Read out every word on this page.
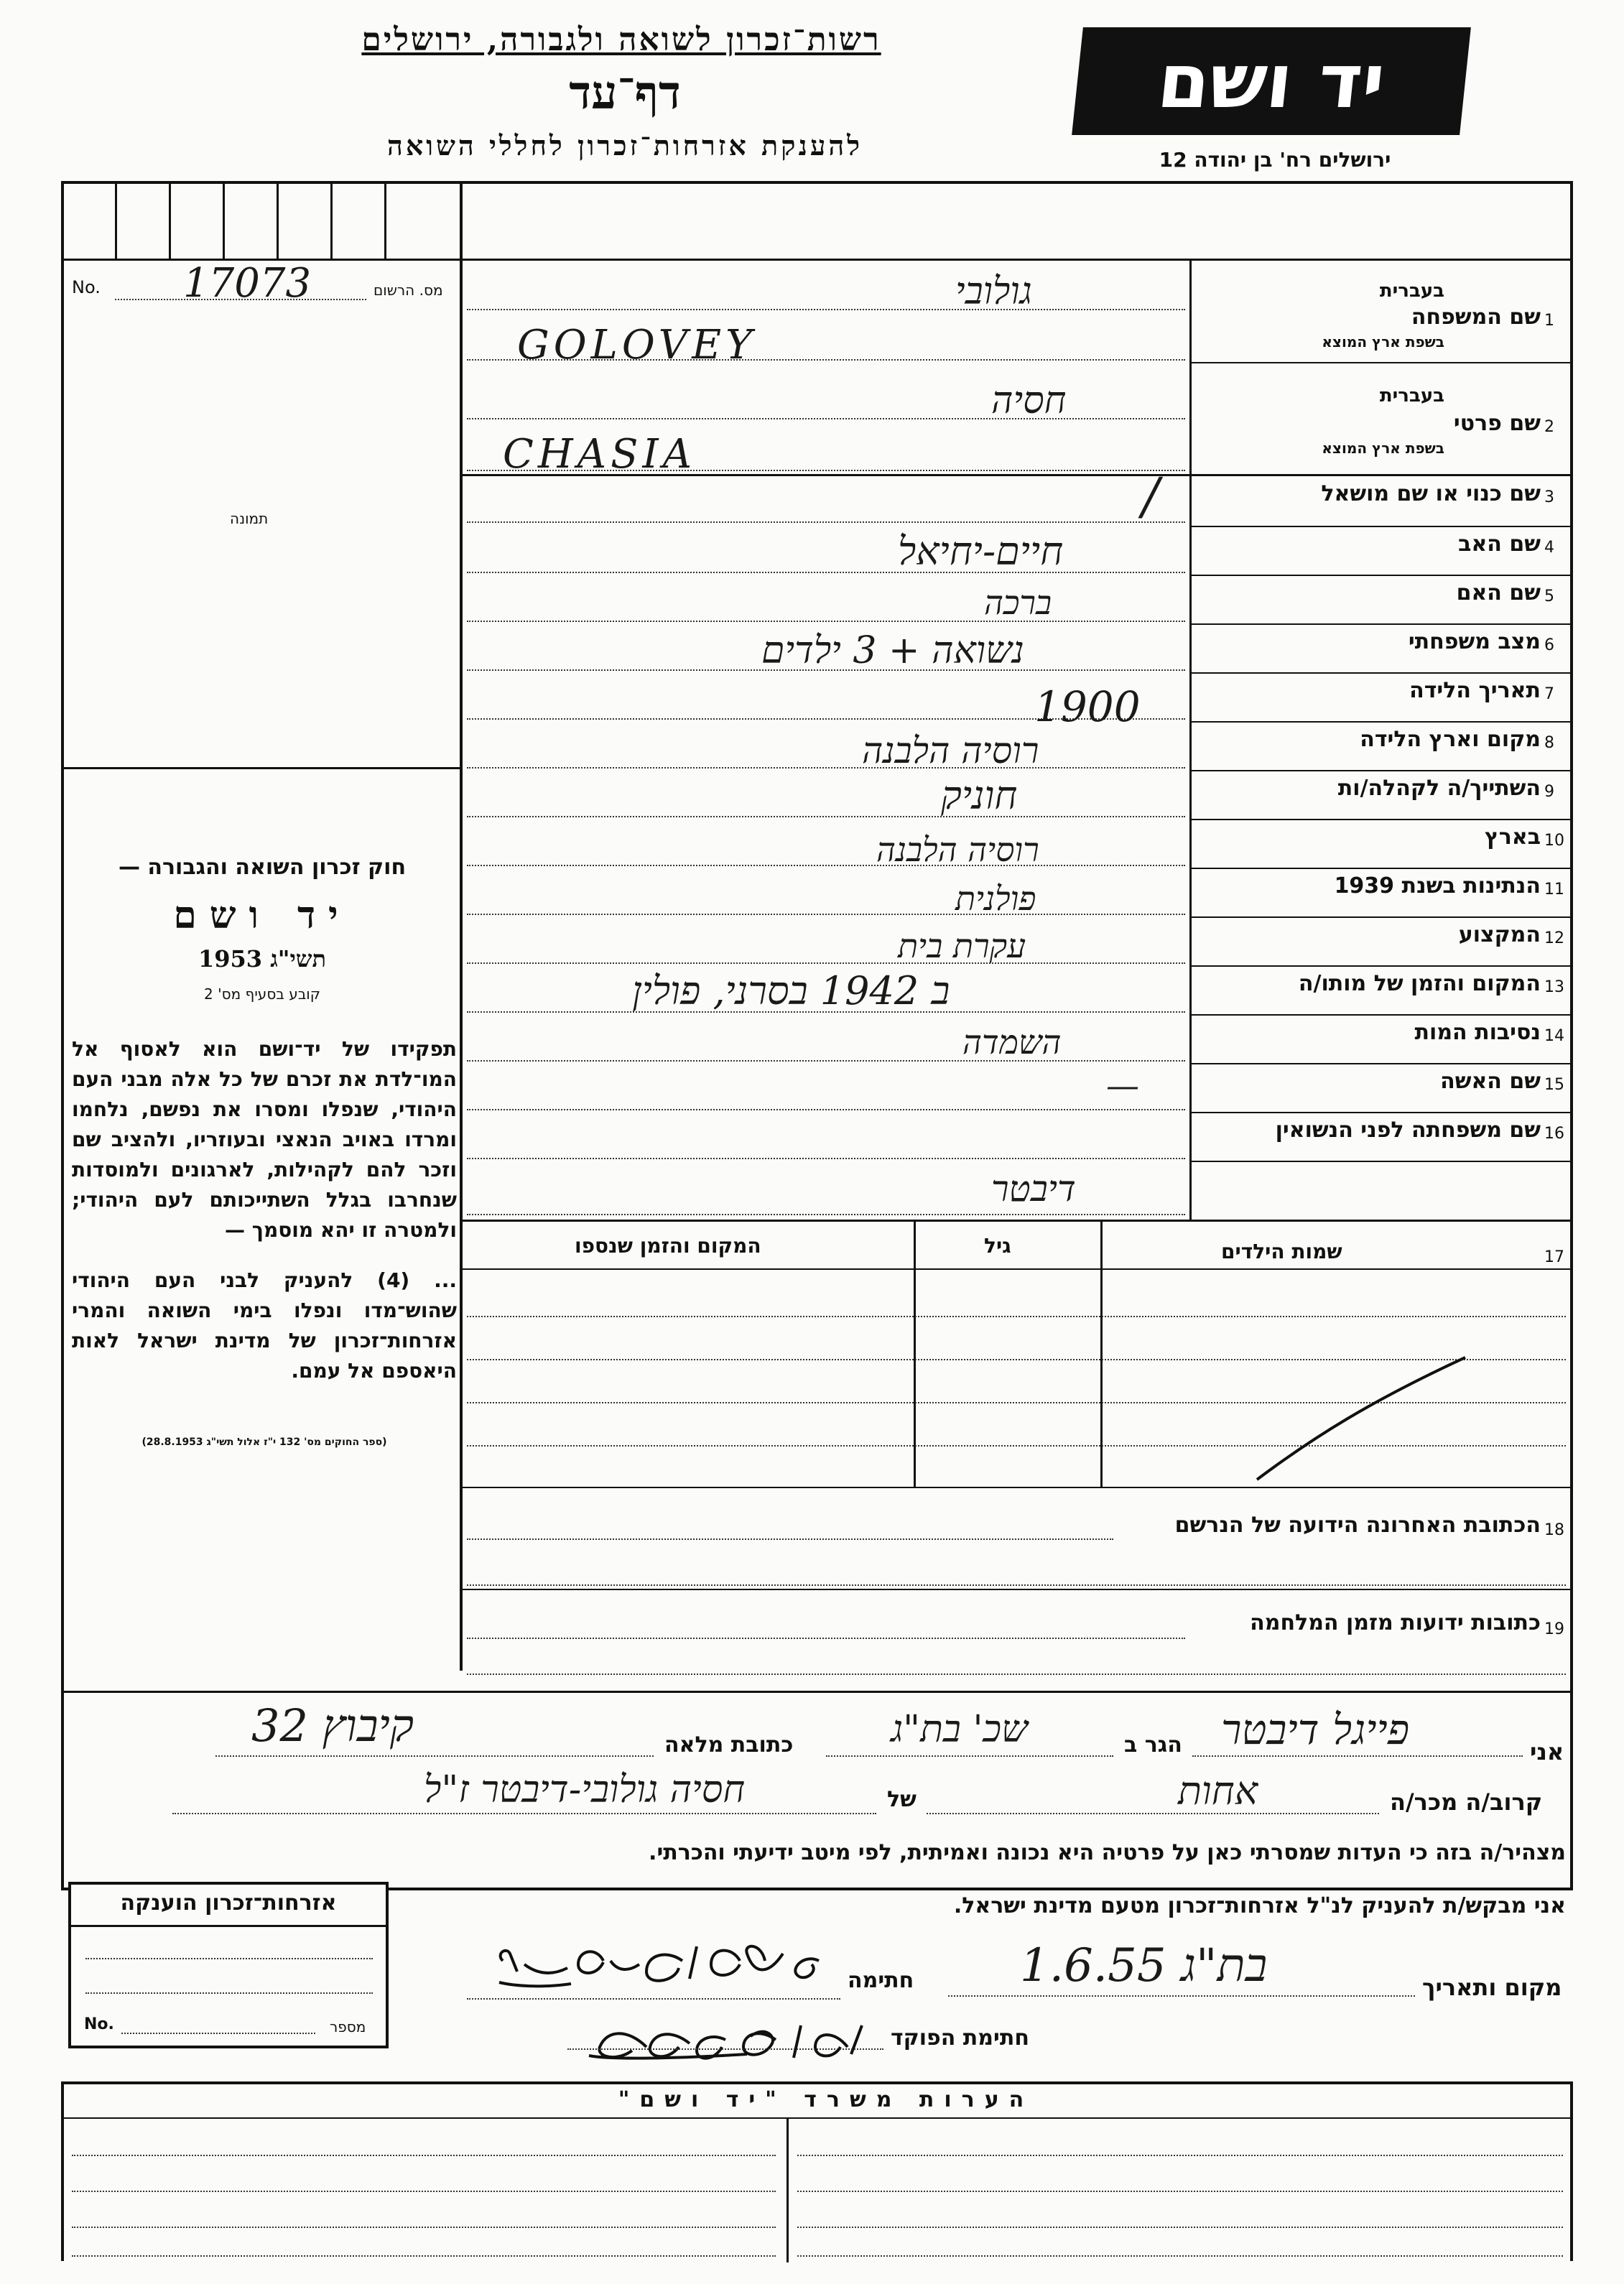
רשות־זכרון לשואה ולגבורה, ירושלים
דף־עד
להענקת אזרחות־זכרון לחללי השואה
יד ושם
ירושלים רח' בן יהודה 12
No. 17073	מס. הרשום
תמונה
חוק זכרון השואה והגבורה —
יד ושם
תשי"ג 1953
קובע בסעיף מס' 2
תפקידו של יד־ושם הוא לאסוף אל המו־לדת את זכרם של כל אלה מבני העם היהודי, שנפלו ומסרו את נפשם, נלחמו ומרדו באויב הנאצי ובעוזריו, ולהציב שם וזכר להם לקהילות, לארגונים ולמוסדות שנחרבו בגלל השתייכותם לעם היהודי; ולמטרה זו יהא מוסמך —
... (4) להעניק לבני העם היהודי שהוש־מדו ונפלו בימי השואה והמרי אזרחות־זכרון של מדינת ישראל לאות היאספם אל עמם.
(ספר החוקים מס' 132 י"ז אלול תשי"ג 28.8.1953)
1
שם המשפחה
בעברית
בשפת ארץ המוצא
גולובי
GOLOVEY
2
שם פרטי
בעברית
בשפת ארץ המוצא
חסיה
CHASIA
3
שם כנוי או שם מושאל
/
4
שם האב
חיים-יחיאל
5
שם האם
ברכה
6
מצב משפחתי
נשואה + 3 ילדים
7
תאריך הלידה
1900
8
מקום וארץ הלידה
רוסיה הלבנה
9
השתייך/ה לקהלה/ות
חוניק
10
בארץ
רוסיה הלבנה
11
הנתינות בשנת 1939
פולנית
12
המקצוע
עקרת בית
13
המקום והזמן של מותו/ה
ב 1942 בסרני, פולין
14
נסיבות המות
השמדה
15
שם האשה
—
16
שם משפחתה לפני הנשואין
דיבטר
17
שמות הילדים
גיל
המקום והזמן שנספו
18
הכתובת האחרונה הידועה של הנרשם
19
כתובות ידועות מזמן המלחמה
אני
פייגל דיבטר
הגר ב
שכ' בת"ג
כתובת מלאה
קיבוץ 32
קרוב/ה מכר/ה
אחות
של
חסיה גולובי-דיבטר ז"ל
מצהיר/ה בזה כי העדות שמסרתי כאן על פרטיה היא נכונה ואמיתית, לפי מיטב ידיעתי והכרתי.
אני מבקש/ת להעניק לנ"ל אזרחות־זכרון מטעם מדינת ישראל.
מקום ותאריך
בת"ג 1.6.55
חתימה
חתימת הפוקד
אזרחות־זכרון הוענקה
No.	מספר
הערות משרד "יד ושם"
